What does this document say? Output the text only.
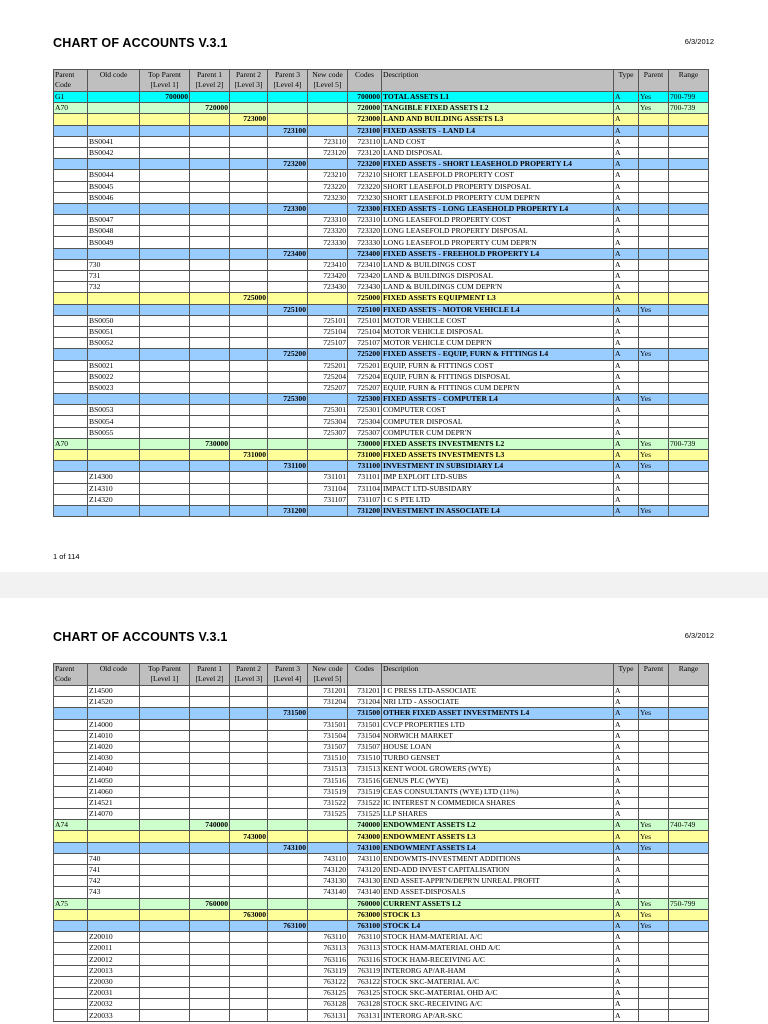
CHART OF ACCOUNTS V.3.1	6/3/2012
Parent Code	Old code	Top Parent [Level 1]	Parent 1 [Level 2]	Parent 2 [Level 3]	Parent 3 [Level 4]	New code [Level 5]	Codes	Description	Type	Parent	Range
G1		700000					700000	TOTAL ASSETS L1	A	Yes	700-799
A70			720000				720000	TANGIBLE FIXED ASSETS L2	A	Yes	700-739
				723000			723000	LAND AND BUILDING ASSETS L3	A		
					723100		723100	FIXED ASSETS - LAND L4	A		
	BS0041					723110	723110	LAND COST	A		
	BS0042					723120	723120	LAND DISPOSAL	A		
					723200		723200	FIXED ASSETS - SHORT LEASEHOLD PROPERTY L4	A		
	BS0044					723210	723210	SHORT LEASEFOLD PROPERTY COST	A		
	BS0045					723220	723220	SHORT LEASEFOLD PROPERTY DISPOSAL	A		
	BS0046					723230	723230	SHORT LEASEFOLD PROPERTY CUM DEPR'N	A		
					723300		723300	FIXED ASSETS - LONG LEASEHOLD PROPERTY L4	A		
	BS0047					723310	723310	LONG LEASEFOLD PROPERTY COST	A		
	BS0048					723320	723320	LONG LEASEFOLD PROPERTY DISPOSAL	A		
	BS0049					723330	723330	LONG LEASEFOLD PROPERTY CUM DEPR'N	A		
					723400		723400	FIXED ASSETS - FREEHOLD PROPERTY L4	A		
	730					723410	723410	LAND & BUILDINGS COST	A		
	731					723420	723420	LAND & BUILDINGS DISPOSAL	A		
	732					723430	723430	LAND & BUILDINGS CUM DEPR'N	A		
				725000			725000	FIXED ASSETS EQUIPMENT L3	A		
					725100		725100	FIXED ASSETS - MOTOR VEHICLE L4	A	Yes	
	BS0050					725101	725101	MOTOR VEHICLE COST	A		
	BS0051					725104	725104	MOTOR VEHICLE DISPOSAL	A		
	BS0052					725107	725107	MOTOR VEHICLE CUM DEPR'N	A		
					725200		725200	FIXED ASSETS - EQUIP, FURN & FITTINGS L4	A	Yes	
	BS0021					725201	725201	EQUIP, FURN & FITTINGS COST	A		
	BS0022					725204	725204	EQUIP, FURN & FITTINGS DISPOSAL	A		
	BS0023					725207	725207	EQUIP, FURN & FITTINGS CUM DEPR'N	A		
					725300		725300	FIXED ASSETS - COMPUTER L4	A	Yes	
	BS0053					725301	725301	COMPUTER COST	A		
	BS0054					725304	725304	COMPUTER DISPOSAL	A		
	BS0055					725307	725307	COMPUTER CUM DEPR'N	A		
A70			730000				730000	FIXED ASSETS INVESTMENTS L2	A	Yes	700-739
				731000			731000	FIXED ASSETS INVESTMENTS L3	A	Yes	
					731100		731100	INVESTMENT IN SUBSIDIARY L4	A	Yes	
	Z14300					731101	731101	IMP EXPLOIT LTD-SUBS	A		
	Z14310					731104	731104	IMPACT LTD-SUBSIDARY	A		
	Z14320					731107	731107	I C S PTE LTD	A		
					731200		731200	INVESTMENT IN ASSOCIATE L4	A	Yes	
1 of 114
CHART OF ACCOUNTS V.3.1	6/3/2012
Parent Code	Old code	Top Parent [Level 1]	Parent 1 [Level 2]	Parent 2 [Level 3]	Parent 3 [Level 4]	New code [Level 5]	Codes	Description	Type	Parent	Range
	Z14500					731201	731201	I C PRESS LTD-ASSOCIATE	A		
	Z14520					731204	731204	NRI LTD - ASSOCIATE	A		
					731500		731500	OTHER FIXED ASSET INVESTMENTS L4	A	Yes	
	Z14000					731501	731501	CVCP PROPERTIES LTD	A		
	Z14010					731504	731504	NORWICH MARKET	A		
	Z14020					731507	731507	HOUSE LOAN	A		
	Z14030					731510	731510	TURBO GENSET	A		
	Z14040					731513	731513	KENT WOOL GROWERS (WYE)	A		
	Z14050					731516	731516	GENUS PLC (WYE)	A		
	Z14060					731519	731519	CEAS CONSULTANTS (WYE) LTD (11%)	A		
	Z14521					731522	731522	IC INTEREST N COMMEDICA SHARES	A		
	Z14070					731525	731525	LLP SHARES	A		
A74			740000				740000	ENDOWMENT ASSETS L2	A	Yes	740-749
				743000			743000	ENDOWMENT ASSETS L3	A	Yes	
					743100		743100	ENDOWMENT ASSETS L4	A	Yes	
	740					743110	743110	ENDOWMTS-INVESTMENT ADDITIONS	A		
	741					743120	743120	END-ADD INVEST CAPITALISATION	A		
	742					743130	743130	END ASSET-APPR'N/DEPR'N UNREAL PROFIT	A		
	743					743140	743140	END ASSET-DISPOSALS	A		
A75			760000				760000	CURRENT ASSETS L2	A	Yes	750-799
				763000			763000	STOCK L3	A	Yes	
					763100		763100	STOCK L4	A	Yes	
	Z20010					763110	763110	STOCK HAM-MATERIAL A/C	A		
	Z20011					763113	763113	STOCK HAM-MATERIAL OHD A/C	A		
	Z20012					763116	763116	STOCK HAM-RECEIVING A/C	A		
	Z20013					763119	763119	INTERORG AP/AR-HAM	A		
	Z20030					763122	763122	STOCK SKC-MATERIAL A/C	A		
	Z20031					763125	763125	STOCK SKC-MATERIAL OHD A/C	A		
	Z20032					763128	763128	STOCK SKC-RECEIVING A/C	A		
	Z20033					763131	763131	INTERORG AP/AR-SKC	A		
